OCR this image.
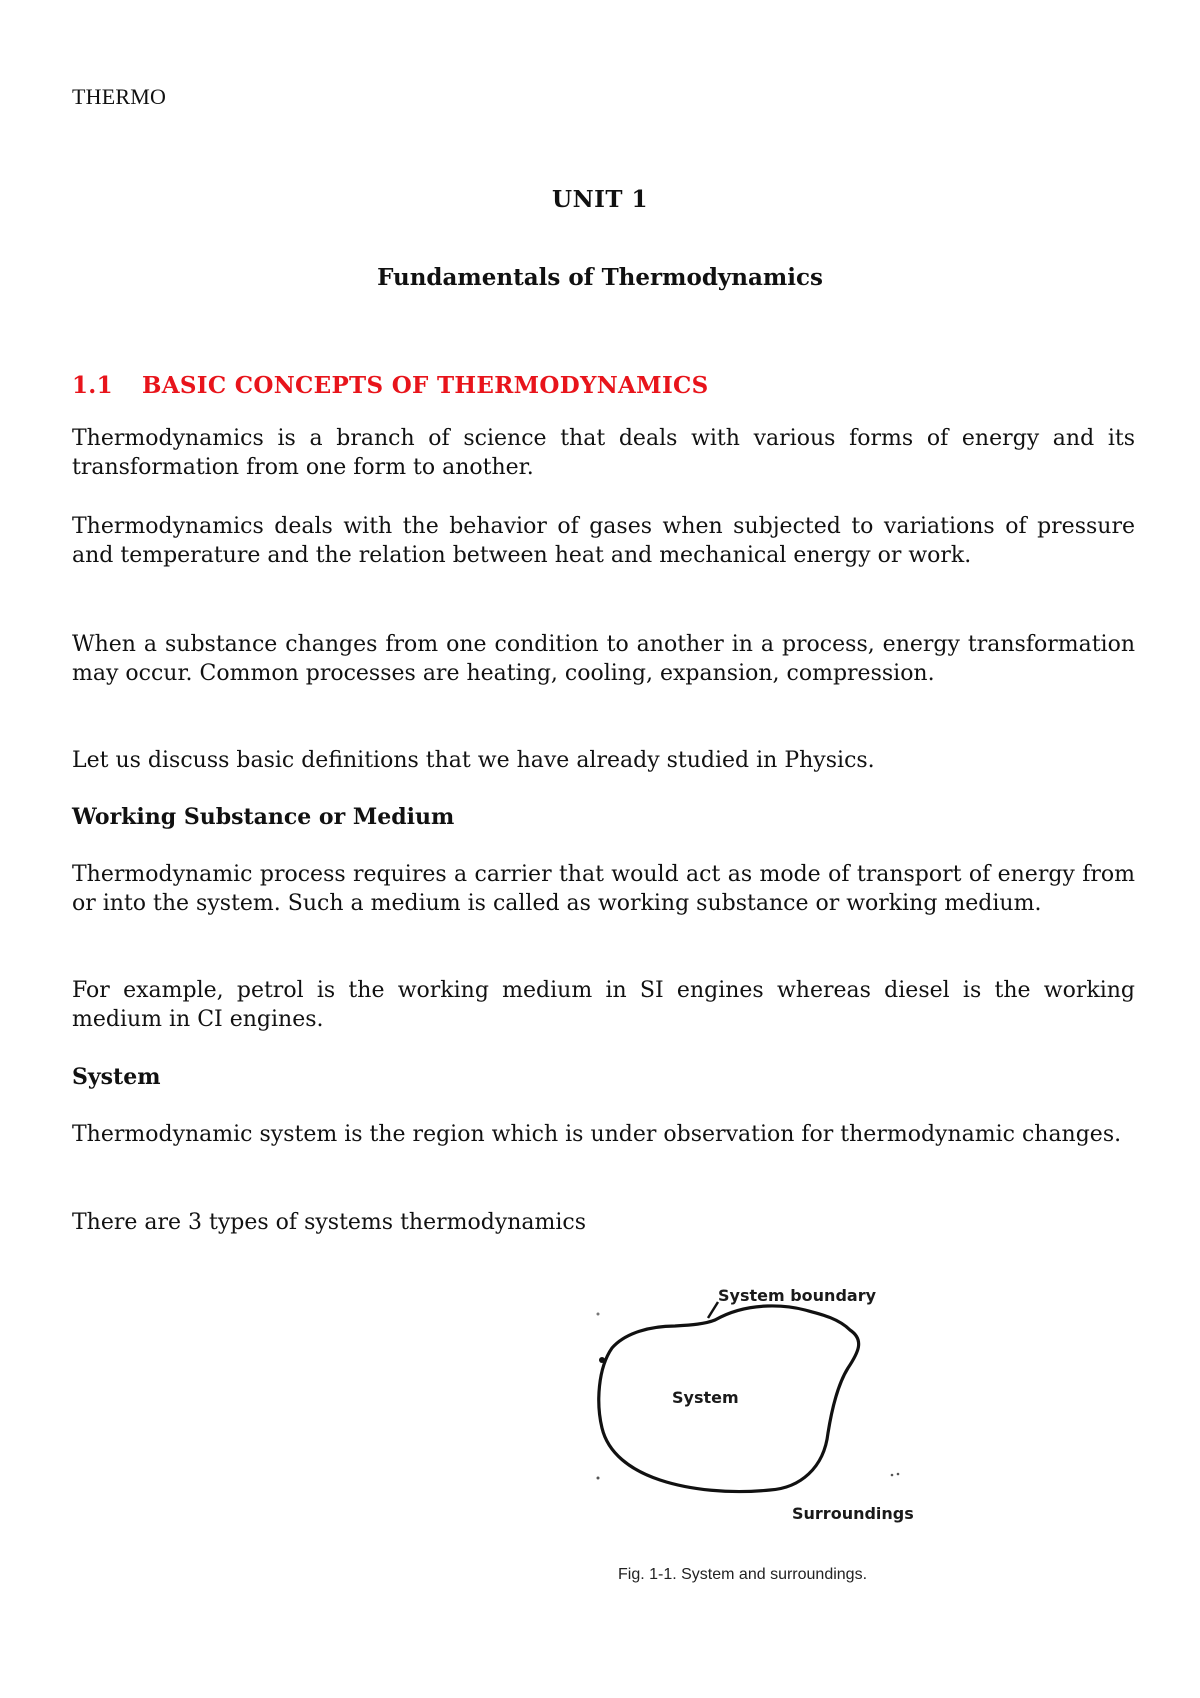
THERMO
UNIT 1
Fundamentals of Thermodynamics
1.1 BASIC CONCEPTS OF THERMODYNAMICS
Thermodynamics is a branch of science that deals with various forms of energy and its transformation from one form to another.
Thermodynamics deals with the behavior of gases when subjected to variations of pressure and temperature and the relation between heat and mechanical energy or work.
When a substance changes from one condition to another in a process, energy transformation may occur. Common processes are heating, cooling, expansion, compression.
Let us discuss basic definitions that we have already studied in Physics.
Working Substance or Medium
Thermodynamic process requires a carrier that would act as mode of transport of energy from or into the system. Such a medium is called as working substance or working medium.
For example, petrol is the working medium in SI engines whereas diesel is the working medium in CI engines.
System
Thermodynamic system is the region which is under observation for thermodynamic changes.
There are 3 types of systems thermodynamics
System boundary
System
Surroundings
Fig. 1-1. System and surroundings.
